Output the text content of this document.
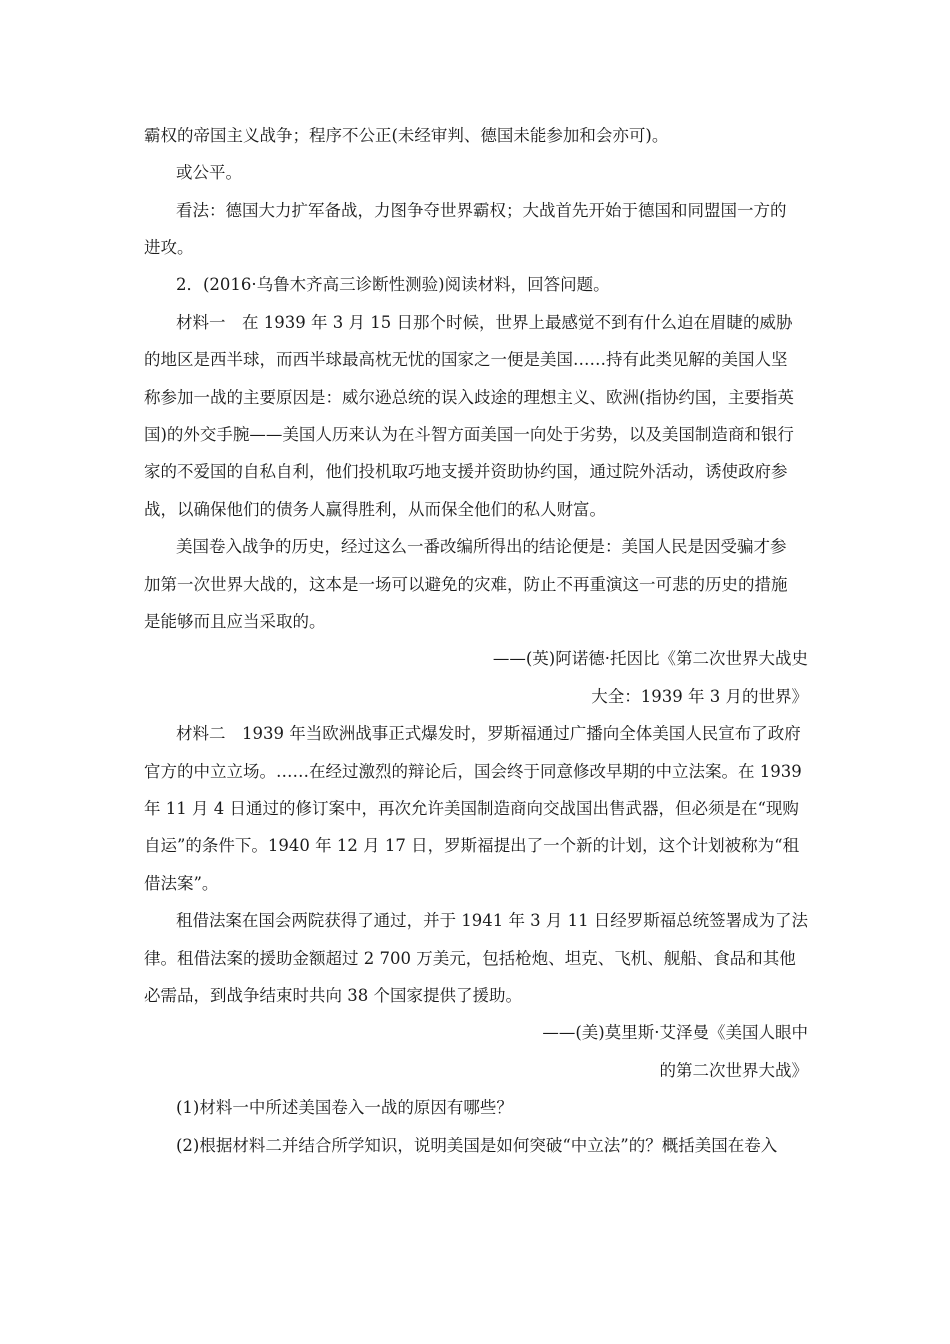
霸权的帝国主义战争；程序不公正(未经审判、德国未能参加和会亦可)。
或公平。
看法：德国大力扩军备战，力图争夺世界霸权；大战首先开始于德国和同盟国一方的
进攻。
2．(2016·乌鲁木齐高三诊断性测验)阅读材料，回答问题。
材料一　在 1939 年 3 月 15 日那个时候，世界上最感觉不到有什么迫在眉睫的威胁
的地区是西半球，而西半球最高枕无忧的国家之一便是美国……持有此类见解的美国人坚
称参加一战的主要原因是：威尔逊总统的误入歧途的理想主义、欧洲(指协约国，主要指英
国)的外交手腕——美国人历来认为在斗智方面美国一向处于劣势，以及美国制造商和银行
家的不爱国的自私自利，他们投机取巧地支援并资助协约国，通过院外活动，诱使政府参
战，以确保他们的债务人赢得胜利，从而保全他们的私人财富。
美国卷入战争的历史，经过这么一番改编所得出的结论便是：美国人民是因受骗才参
加第一次世界大战的，这本是一场可以避免的灾难，防止不再重演这一可悲的历史的措施
是能够而且应当采取的。
——(英)阿诺德·托因比《第二次世界大战史
大全：1939 年 3 月的世界》
材料二　1939 年当欧洲战事正式爆发时，罗斯福通过广播向全体美国人民宣布了政府
官方的中立立场。……在经过激烈的辩论后，国会终于同意修改早期的中立法案。在 1939
年 11 月 4 日通过的修订案中，再次允许美国制造商向交战国出售武器，但必须是在“现购
自运”的条件下。1940 年 12 月 17 日，罗斯福提出了一个新的计划，这个计划被称为“租
借法案”。
租借法案在国会两院获得了通过，并于 1941 年 3 月 11 日经罗斯福总统签署成为了法
律。租借法案的援助金额超过 2 700 万美元，包括枪炮、坦克、飞机、舰船、食品和其他
必需品，到战争结束时共向 38 个国家提供了援助。
——(美)莫里斯·艾泽曼《美国人眼中
的第二次世界大战》
(1)材料一中所述美国卷入一战的原因有哪些？
(2)根据材料二并结合所学知识，说明美国是如何突破“中立法”的？概括美国在卷入
